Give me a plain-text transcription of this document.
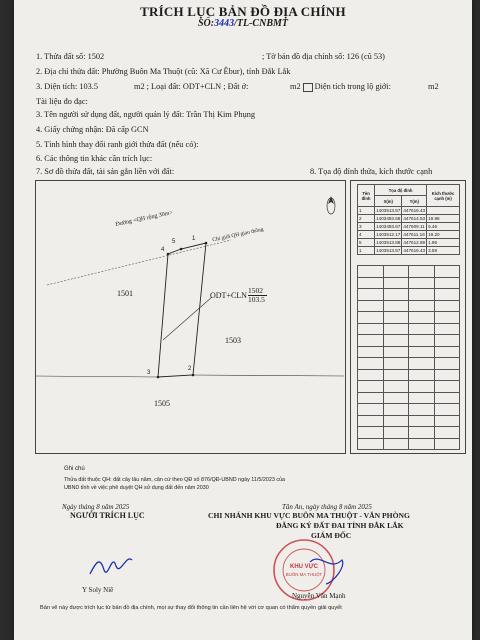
TRÍCH LỤC BẢN ĐỒ ĐỊA CHÍNH
SỐ:3443/TL-CNBMT
1. Thửa đất số: 1502	; Tờ bản đồ địa chính số: 126 (cũ 53)
2. Địa chỉ thửa đất: Phường Buôn Ma Thuột (cũ: Xã Cư Êbur), tỉnh Đắk Lắk
3. Diện tích: 103.5	m2 ; Loại đất: ODT+CLN ; Đất ở:	m2 Diện tích trong lộ giới:	m2
Tài liệu đo đạc:
3. Tên người sử dụng đất, người quản lý đất: Trần Thị Kim Phụng
4. Giấy chứng nhận: Đã cấp GCN
5. Tình hình thay đổi ranh giới thửa đất (nếu có):
6. Các thông tin khác cần trích lục:
7. Sơ đồ thửa đất, tài sản gắn liền với đất:	8. Tọa độ đỉnh thửa, kích thước cạnh
Đường <QH rộng 30m>
Chỉ giới QH giao thông
1
2
3
4
5
1501	ODT+CLN
1502
103.5
1503
1505
Tên đỉnh	Tọa độ đỉnh		Kích thước cạnh (m)
	X(m)	Y(m)	
1	1403513.57	447616.43	
2	1403493.68	447614.53	19.98
3	1403493.67	447609.11	5.46
4	1403512.17	447611.16	19.20
5	1403513.88	447612.89	1.96
1	1403513.57	447616.43	3.58

Ghi chú
Thửa đất thuộc QH: đất cây lâu năm, căn cứ theo QĐ số 876/QĐ-UBND ngày 11/5/2023 của
UBND tỉnh về việc phê duyệt QH sử dụng đất đến năm 2030
Ngày tháng 8 năm 2025
NGƯỜI TRÍCH LỤC
Y Soly Niê
Tân An, ngày tháng 8 năm 2025
CHI NHÁNH KHU VỰC BUÔN MA THUỘT - VĂN PHÒNG
ĐĂNG KÝ ĐẤT ĐAI TỈNH ĐẮK LẮK
GIÁM ĐỐC
KHU VỰC
BUÔN MA THUỘT
Nguyễn Văn Mạnh
Bản vẽ này được trích lục từ bản đồ địa chính, mọi sự thay đổi thông tin cần liên hệ với cơ quan có thẩm quyền giải quyết
